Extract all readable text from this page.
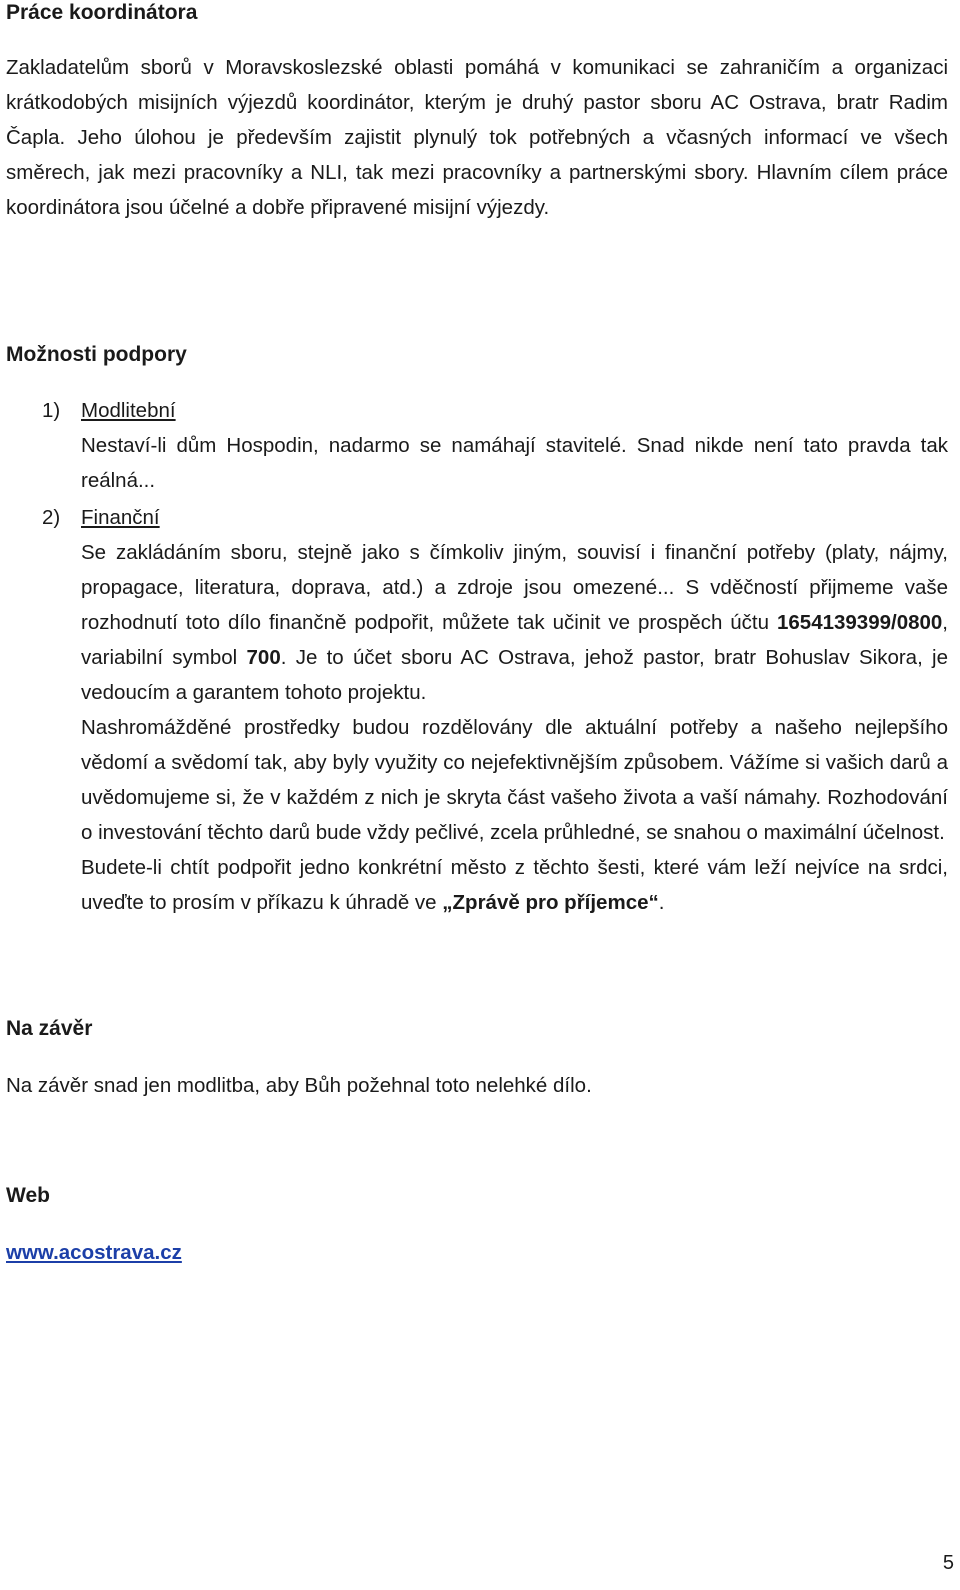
Práce koordinátora

Zakladatelům sborů v Moravskoslezské oblasti pomáhá v komunikaci se zahraničím a organizaci krátkodobých misijních výjezdů koordinátor, kterým je druhý pastor sboru AC Ostrava, bratr Radim Čapla. Jeho úlohou je především zajistit plynulý tok potřebných a včasných informací ve všech směrech, jak mezi pracovníky a NLI, tak mezi pracovníky a partnerskými sbory. Hlavním cílem práce koordinátora jsou účelné a dobře připravené misijní výjezdy.

Možnosti podpory
1) Modlitební

Nestaví-li dům Hospodin, nadarmo se namáhají stavitelé. Snad nikde není tato pravda tak reálná...

2) Finanční

Se zakládáním sboru, stejně jako s čímkoliv jiným, souvisí i finanční potřeby (platy, nájmy, propagace, literatura, doprava, atd.) a zdroje jsou omezené... S vděčností přijmeme vaše rozhodnutí toto dílo finančně podpořit, můžete tak učinit ve prospěch účtu 1654139399/0800, variabilní symbol 700. Je to účet sboru AC Ostrava, jehož pastor, bratr Bohuslav Sikora, je vedoucím a garantem tohoto projektu.

Nashromážděné prostředky budou rozdělovány dle aktuální potřeby a našeho nejlepšího vědomí a svědomí tak, aby byly využity co nejefektivnějším způsobem. Vážíme si vašich darů a uvědomujeme si, že v každém z nich je skryta část vašeho života a vaší námahy. Rozhodování o investování těchto darů bude vždy pečlivé, zcela průhledné, se snahou o maximální účelnost.

Budete-li chtít podpořit jedno konkrétní město z těchto šesti, které vám leží nejvíce na srdci, uveďte to prosím v příkazu k úhradě ve „Zprávě pro příjemce“.

Na závěr

Na závěr snad jen modlitba, aby Bůh požehnal toto nelehké dílo.

Web
www.acostrava.cz
5
